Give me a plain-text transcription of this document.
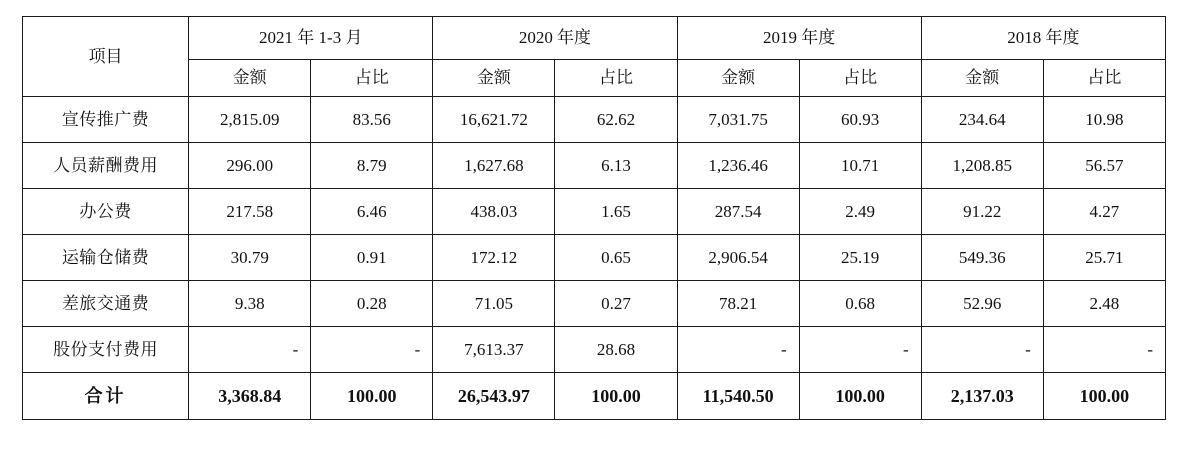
项目	2021 年 1-3 月		2020 年度		2019 年度		2018 年度	
	金额	占比	金额	占比	金额	占比	金额	占比
宣传推广费	2,815.09	83.56	16,621.72	62.62	7,031.75	60.93	234.64	10.98
人员薪酬费用	296.00	8.79	1,627.68	6.13	1,236.46	10.71	1,208.85	56.57
办公费	217.58	6.46	438.03	1.65	287.54	2.49	91.22	4.27
运输仓储费	30.79	0.91	172.12	0.65	2,906.54	25.19	549.36	25.71
差旅交通费	9.38	0.28	71.05	0.27	78.21	0.68	52.96	2.48
股份支付费用	-	-	7,613.37	28.68	-	-	-	-
合计	3,368.84	100.00	26,543.97	100.00	11,540.50	100.00	2,137.03	100.00
